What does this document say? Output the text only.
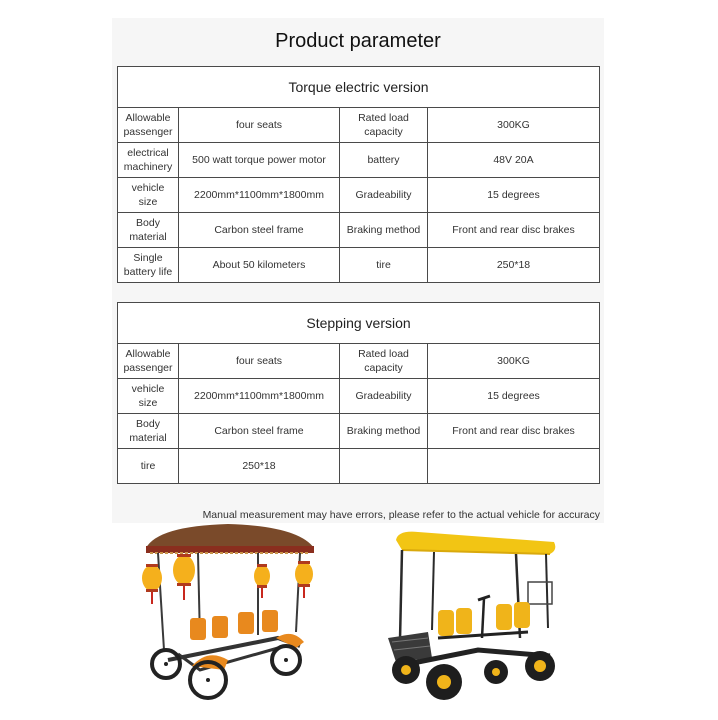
Product parameter
Torque electric version			
Allowable passenger	four seats	Rated load capacity	300KG
electrical machinery	500 watt torque power motor	battery	48V 20A
vehicle size	2200mm*1100mm*1800mm	Gradeability	15 degrees
Body material	Carbon steel frame	Braking method	Front and rear disc brakes
Single battery life	About 50 kilometers	tire	250*18
Stepping version			
Allowable passenger	four seats	Rated load capacity	300KG
vehicle size	2200mm*1100mm*1800mm	Gradeability	15 degrees
Body material	Carbon steel frame	Braking method	Front and rear disc brakes
tire	250*18		
Manual measurement may have errors, please refer to the actual vehicle for accuracy
